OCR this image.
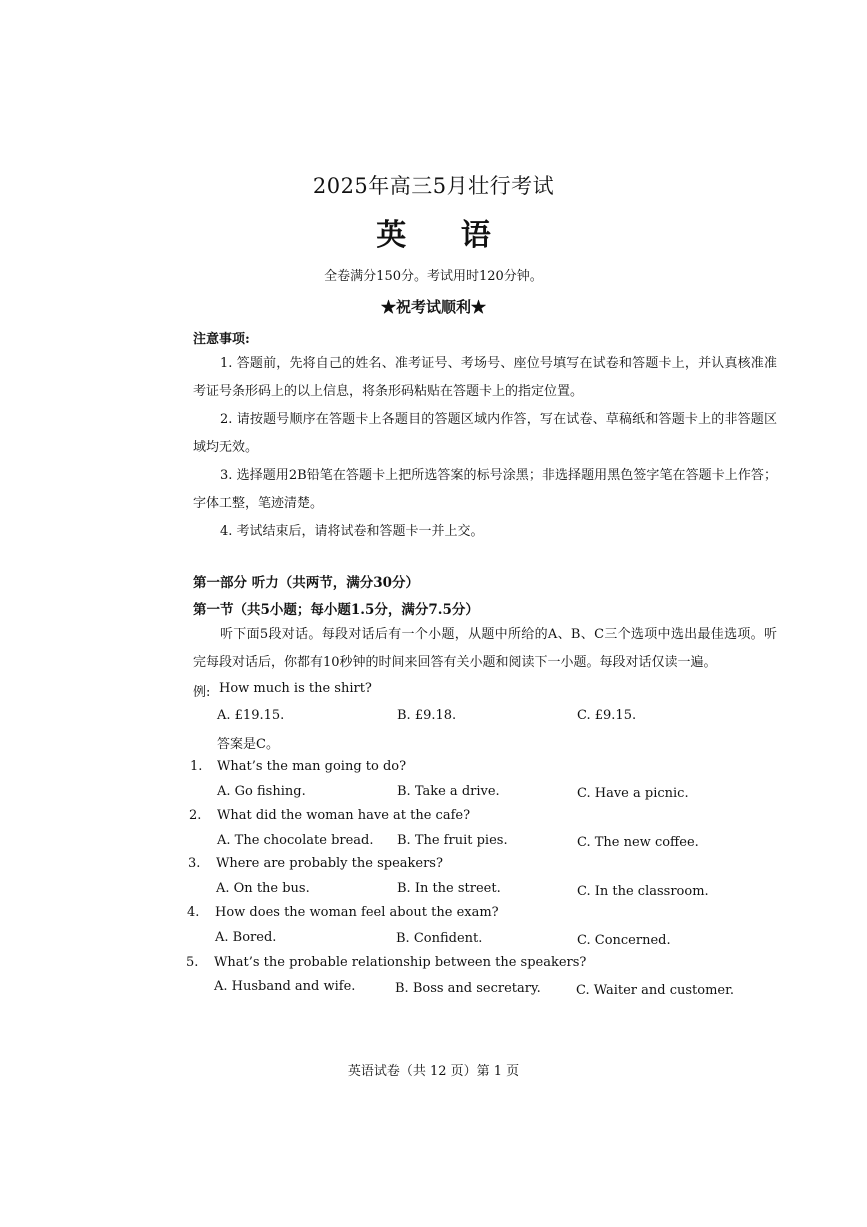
2025年高三5月壮行考试
英 语
全卷满分150分。考试用时120分钟。
★祝考试顺利★
注意事项:
1. 答题前，先将自己的姓名、准考证号、考场号、座位号填写在试卷和答题卡上，并认真核准准考证号条形码上的以上信息，将条形码粘贴在答题卡上的指定位置。
2. 请按题号顺序在答题卡上各题目的答题区域内作答，写在试卷、草稿纸和答题卡上的非答题区域均无效。
3. 选择题用2B铅笔在答题卡上把所选答案的标号涂黑；非选择题用黑色签字笔在答题卡上作答；字体工整，笔迹清楚。
4. 考试结束后，请将试卷和答题卡一并上交。
第一部分 听力（共两节，满分30分）
第一节（共5小题；每小题1.5分，满分7.5分）
听下面5段对话。每段对话后有一个小题，从题中所给的A、B、C三个选项中选出最佳选项。听完每段对话后，你都有10秒钟的时间来回答有关小题和阅读下一小题。每段对话仅读一遍。
例: How much is the shirt?
A. £19.15.	B. £9.18.	C. £9.15.
答案是C。
1. What’s the man going to do?
A. Go fishing.	B. Take a drive.	C. Have a picnic.
2. What did the woman have at the cafe?
A. The chocolate bread. B. The fruit pies.	C. The new coffee.
3. Where are probably the speakers?
A. On the bus.	B. In the street.	C. In the classroom.
4. How does the woman feel about the exam?
A. Bored.	B. Confident.	C. Concerned.
5. What’s the probable relationship between the speakers?
A. Husband and wife.	B. Boss and secretary.	C. Waiter and customer.
英语试卷（共 12 页）第 1 页
